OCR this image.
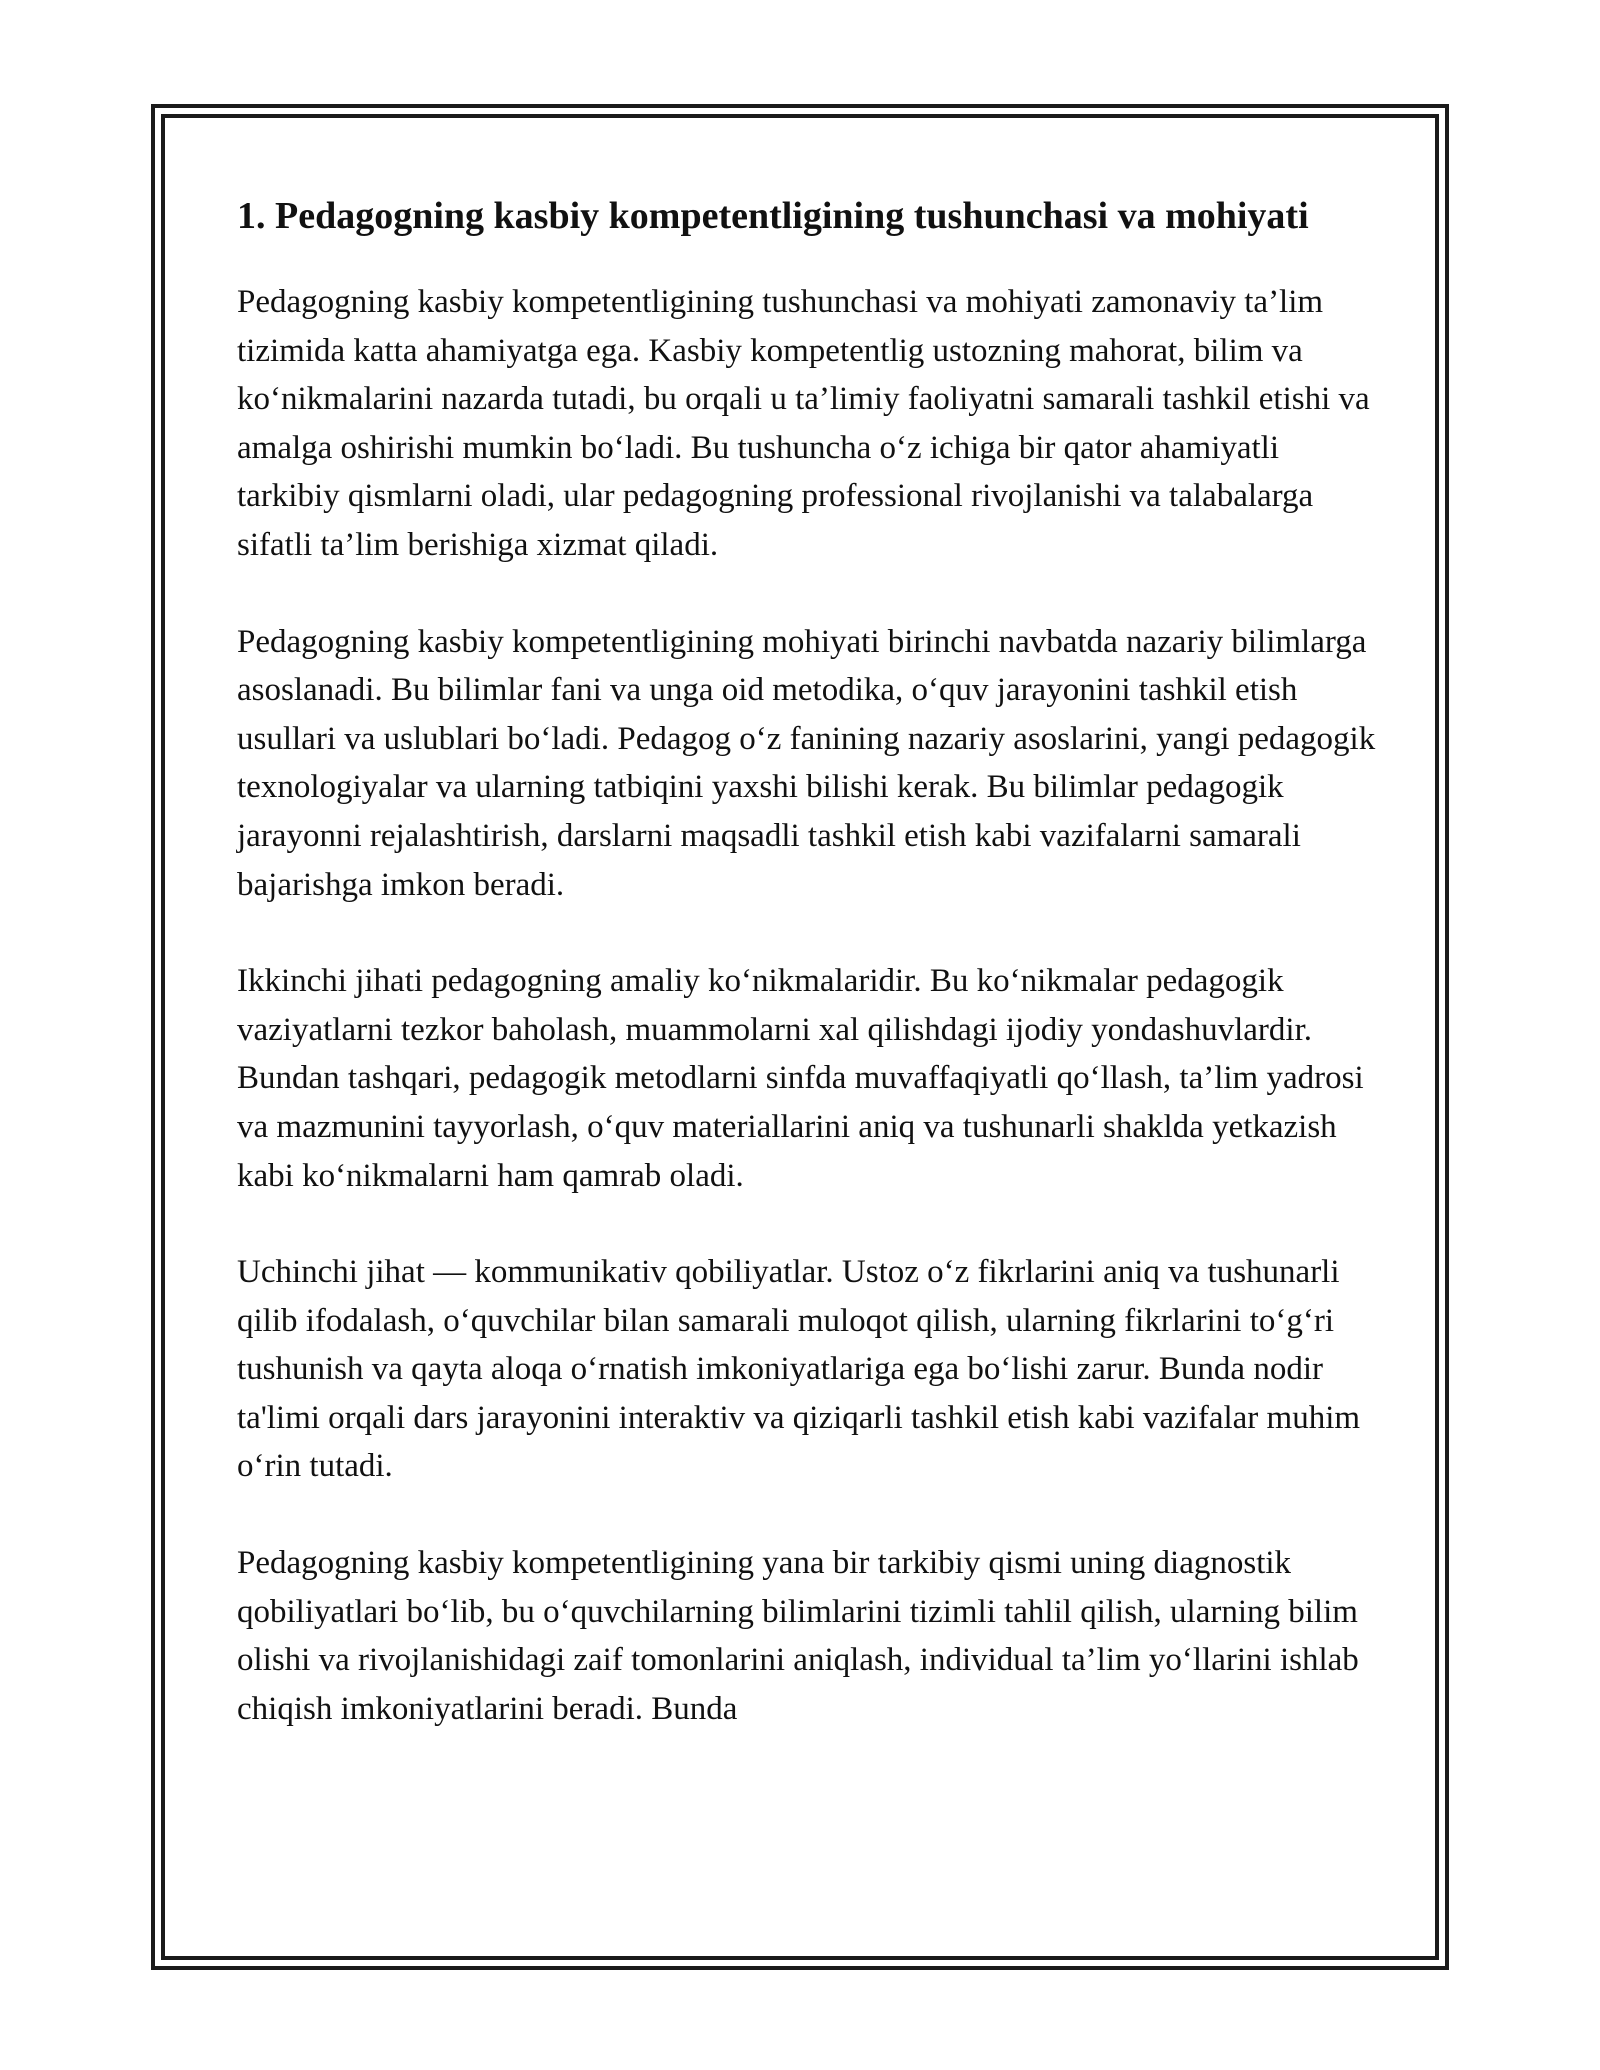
1. Pedagogning kasbiy kompetentligining tushunchasi va mohiyati

Pedagogning kasbiy kompetentligining tushunchasi va mohiyati zamonaviy ta’lim tizimida katta ahamiyatga ega. Kasbiy kompetentlig ustozning mahorat, bilim va koʻnikmalarini nazarda tutadi, bu orqali u ta’limiy faoliyatni samarali tashkil etishi va amalga oshirishi mumkin boʻladi. Bu tushuncha oʻz ichiga bir qator ahamiyatli tarkibiy qismlarni oladi, ular pedagogning professional rivojlanishi va talabalarga sifatli ta’lim berishiga xizmat qiladi.

Pedagogning kasbiy kompetentligining mohiyati birinchi navbatda nazariy bilimlarga asoslanadi. Bu bilimlar fani va unga oid metodika, oʻquv jarayonini tashkil etish usullari va uslublari boʻladi. Pedagog oʻz fanining nazariy asoslarini, yangi pedagogik texnologiyalar va ularning tatbiqini yaxshi bilishi kerak. Bu bilimlar pedagogik jarayonni rejalashtirish, darslarni maqsadli tashkil etish kabi vazifalarni samarali bajarishga imkon beradi.

Ikkinchi jihati pedagogning amaliy koʻnikmalaridir. Bu koʻnikmalar pedagogik vaziyatlarni tezkor baholash, muammolarni xal qilishdagi ijodiy yondashuvlardir. Bundan tashqari, pedagogik metodlarni sinfda muvaffaqiyatli qoʻllash, ta’lim yadrosi va mazmunini tayyorlash, oʻquv materiallarini aniq va tushunarli shaklda yetkazish kabi koʻnikmalarni ham qamrab oladi.

Uchinchi jihat — kommunikativ qobiliyatlar. Ustoz oʻz fikrlarini aniq va tushunarli qilib ifodalash, oʻquvchilar bilan samarali muloqot qilish, ularning fikrlarini toʻgʻri tushunish va qayta aloqa oʻrnatish imkoniyatlariga ega boʻlishi zarur. Bunda nodir ta'limi orqali dars jarayonini interaktiv va qiziqarli tashkil etish kabi vazifalar muhim oʻrin tutadi.

Pedagogning kasbiy kompetentligining yana bir tarkibiy qismi uning diagnostik qobiliyatlari boʻlib, bu oʻquvchilarning bilimlarini tizimli tahlil qilish, ularning bilim olishi va rivojlanishidagi zaif tomonlarini aniqlash, individual ta’lim yoʻllarini ishlab chiqish imkoniyatlarini beradi. Bunda
